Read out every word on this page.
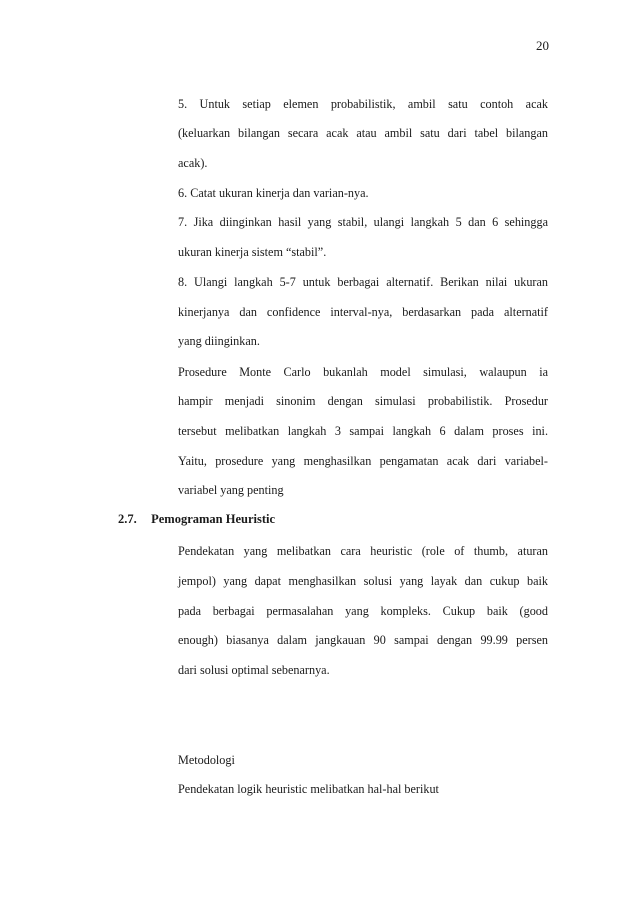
20
5. Untuk setiap elemen probabilistik, ambil satu contoh acak
(keluarkan bilangan secara acak atau ambil satu dari tabel bilangan
acak).
6. Catat ukuran kinerja dan varian-nya.
7. Jika diinginkan hasil yang stabil, ulangi langkah 5 dan 6 sehingga
ukuran kinerja sistem “stabil”.
8. Ulangi langkah 5-7 untuk berbagai alternatif. Berikan nilai ukuran
kinerjanya dan confidence interval-nya, berdasarkan pada alternatif
yang diinginkan.
Prosedure Monte Carlo bukanlah model simulasi, walaupun ia
hampir menjadi sinonim dengan simulasi probabilistik. Prosedur
tersebut melibatkan langkah 3 sampai langkah 6 dalam proses ini.
Yaitu, prosedure yang menghasilkan pengamatan acak dari variabel-
variabel yang penting
2.7. Pemograman Heuristic
Pendekatan yang melibatkan cara heuristic (role of thumb, aturan
jempol) yang dapat menghasilkan solusi yang layak dan cukup baik
pada berbagai permasalahan yang kompleks. Cukup baik (good
enough) biasanya dalam jangkauan 90 sampai dengan 99.99 persen
dari solusi optimal sebenarnya.
Metodologi
Pendekatan logik heuristic melibatkan hal-hal berikut
